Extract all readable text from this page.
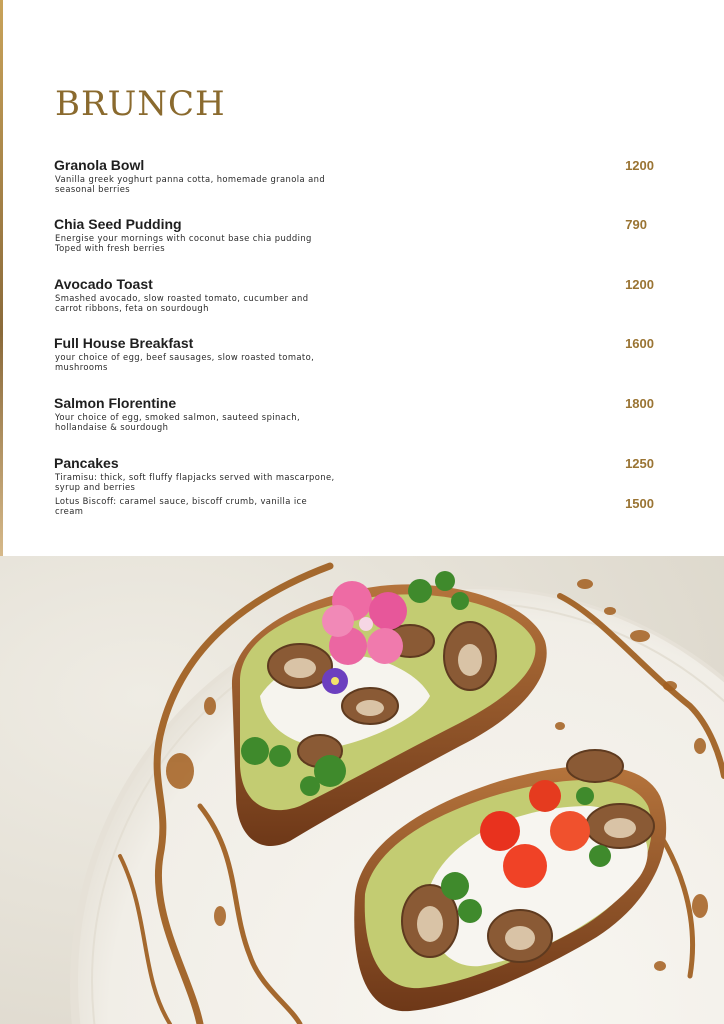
BRUNCH

Granola Bowl

Vanilla greek yoghurt panna cotta, homemade granola and seasonal berries

1200

Chia Seed Pudding

Energise your mornings with coconut base chia pudding Toped with fresh berries

790

Avocado Toast

Smashed avocado, slow roasted tomato, cucumber and carrot ribbons, feta on sourdough

1200

Full House Breakfast

your choice of egg, beef sausages, slow roasted tomato, mushrooms

1600

Salmon Florentine

Your choice of egg, smoked salmon, sauteed spinach, hollandaise & sourdough

1800

Pancakes

Tiramisu: thick, soft fluffy flapjacks served with mascarpone, syrup and berries

1250

Lotus Biscoff: caramel sauce, biscoff crumb, vanilla ice cream	1500
